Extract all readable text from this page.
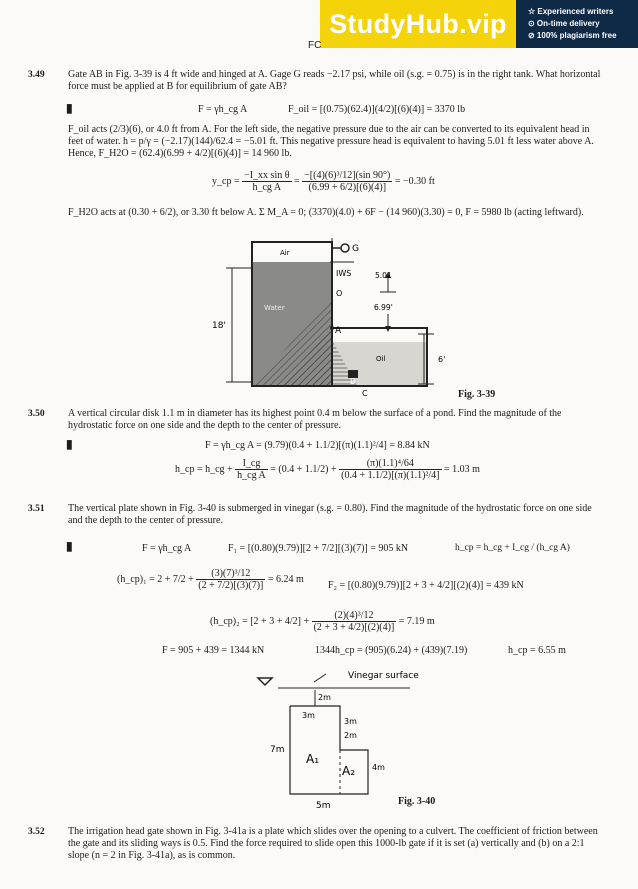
StudyHub.vip	☆ Experienced writers
⊙ On-time delivery
⊘ 100% plagiarism free
FC
3.49 Gate AB in Fig. 3-39 is 4 ft wide and hinged at A. Gage G reads −2.17 psi, while oil (s.g. = 0.75) is in the right tank. What horizontal force must be applied at B for equilibrium of gate AB?
▮	F = γh_cg A	F_oil = [(0.75)(62.4)](4/2)[(6)(4)] = 3370 lb
F_oil acts (2/3)(6), or 4.0 ft from A. For the left side, the negative pressure due to the air can be converted to its equivalent head in feet of water. h = p/γ = (−2.17)(144)/62.4 = −5.01 ft. This negative pressure head is equivalent to having 5.01 ft less water above A. Hence, F_H2O = (62.4)(6.99 + 4/2)[(6)(4)] = 14 960 lb.
y_cp = $\frac{\text{−I\_xx sin θ}}{\text{h\_cg A}} = \frac{\text{−[(4)(6)³/12](sin 90°)}}{(6.99 + 6/2)[(6)(4)]} = -0.30$ ft
F_H2O acts at (0.30 + 6/2), or 3.30 ft below A. Σ M_A = 0; (3370)(4.0) + 6F − (14 960)(3.30) = 0, F = 5980 lb (acting leftward).
Air	G
IWS	5.01
6.99'
O
Water
18'	A
Oil	6'
B
C	Fig. 3-39
3.50 A vertical circular disk 1.1 m in diameter has its highest point 0.4 m below the surface of a pond. Find the magnitude of the hydrostatic force on one side and the depth to the center of pressure.
▮	F = γh_cg A = (9.79)(0.4 + 1.1/2)[(π)(1.1)²/4] = 8.84 kN
h_cp = h_cg + $\frac{I\_cg}{\text{h\_cg A}} = (0.4 + 1.1/2) + \frac{\text{(π)(1.1)⁴/64}}{\text{(0.4 + 1.1/2)[(π)(1.1)²/4]}} = 1.03$ m
3.51 The vertical plate shown in Fig. 3-40 is submerged in vinegar (s.g. = 0.80). Find the magnitude of the hydrostatic force on one side and the depth to the center of pressure.
▮	F = γh_cg A	F₁ = [(0.80)(9.79)][2 + 7/2][(3)(7)] = 905 kN	h_cp = h_cg + I_cg / (h_cg A)
(h_cp)₁ = $2 + 7/2 + \frac{\text{(3)(7)³/12}}{(2 + 7/2)[(3)(7)]} = 6.24$ m
F₂ = [(0.80)(9.79)][2 + 3 + 4/2][(2)(4)] = 439 kN
(h_cp)₂ = $[2 + 3 + 4/2] + \frac{\text{(2)(4)³/12}}{(2 + 3 + 4/2)[(2)(4)]} = 7.19$ m
F = 905 + 439 = 1344 kN	1344h_cp = (905)(6.24) + (439)(7.19)	h_cp = 6.55 m
Vinegar surface
2m
3m
3m
2m
7m
A₁
A₂ 4m
5m	Fig. 3-40
3.52 The irrigation head gate shown in Fig. 3-41a is a plate which slides over the opening to a culvert. The coefficient of friction between the gate and its sliding ways is 0.5. Find the force required to slide open this 1000-lb gate if it is set (a) vertically and (b) on a 2:1 slope (n = 2 in Fig. 3-41a), as is common.
